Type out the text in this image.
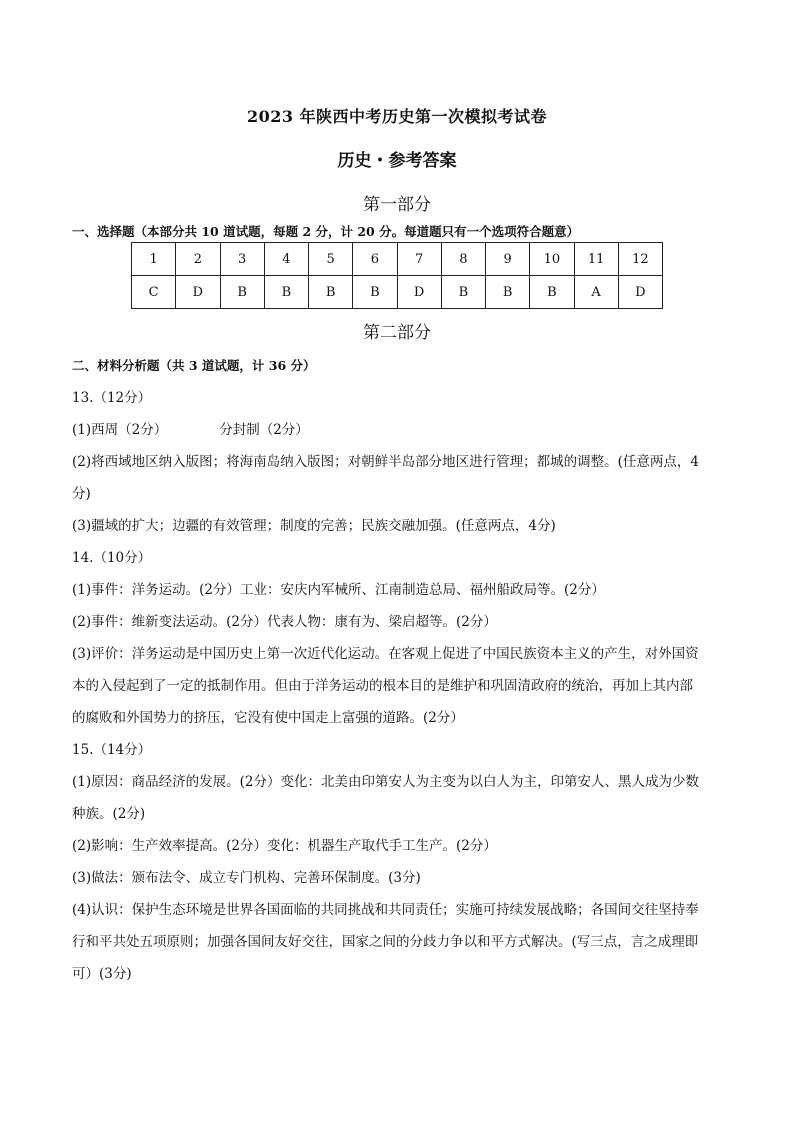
2023 年陕西中考历史第一次模拟考试卷
历史・参考答案
第一部分
一、选择题（本部分共 10 道试题，每题 2 分，计 20 分。每道题只有一个选项符合题意）
1	2	3	4	5	6	7	8	9	10	11	12
C	D	B	B	B	B	D	B	B	B	A	D
第二部分
二、材料分析题（共 3 道试题，计 36 分）
13.（12分）
(1)西周（2分）	分封制（2分）
(2)将西域地区纳入版图；将海南岛纳入版图；对朝鲜半岛部分地区进行管理；都城的调整。(任意两点，4
分)
(3)疆域的扩大；边疆的有效管理；制度的完善；民族交融加强。(任意两点，4分)
14.（10分）
(1)事件：洋务运动。(2分）工业：安庆内军械所、江南制造总局、福州船政局等。(2分）
(2)事件：维新变法运动。(2分）代表人物：康有为、梁启超等。(2分）
(3)评价：洋务运动是中国历史上第一次近代化运动。在客观上促进了中国民族资本主义的产生，对外国资
本的入侵起到了一定的抵制作用。但由于洋务运动的根本目的是维护和巩固清政府的统治，再加上其内部
的腐败和外国势力的挤压，它没有使中国走上富强的道路。(2分）
15.（14分）
(1)原因：商品经济的发展。(2分）变化：北美由印第安人为主变为以白人为主，印第安人、黑人成为少数
种族。(2分)
(2)影响：生产效率提高。(2分）变化：机器生产取代手工生产。(2分）
(3)做法：颁布法令、成立专门机构、完善环保制度。(3分)
(4)认识：保护生态环境是世界各国面临的共同挑战和共同责任；实施可持续发展战略；各国间交往坚持奉
行和平共处五项原则；加强各国间友好交往，国家之间的分歧力争以和平方式解决。(写三点，言之成理即
可）(3分)
